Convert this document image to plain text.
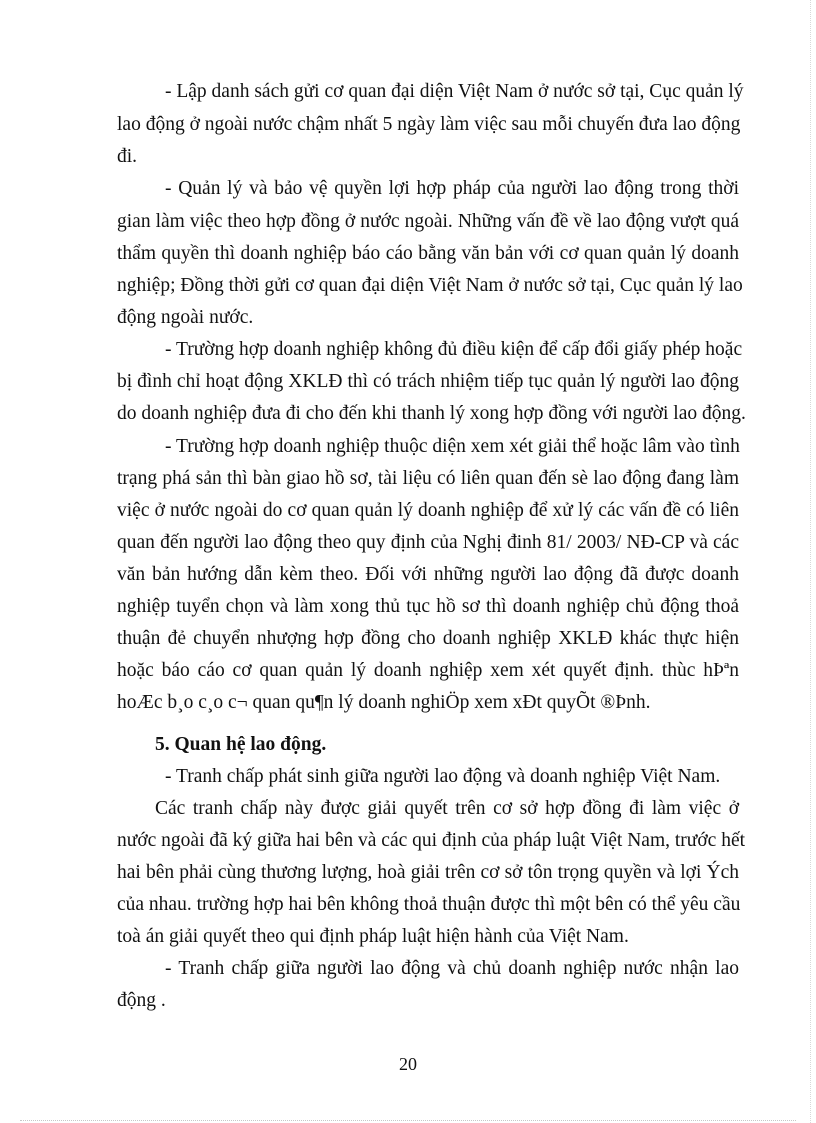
- Lập danh sách gửi cơ quan đại diện Việt Nam ở nước sở tại, Cục quản lý
lao động ở ngoài nước chậm nhất 5 ngày làm việc sau mỗi chuyến đưa lao động
đi.
- Quản lý và bảo vệ quyền lợi hợp pháp của người lao động trong thời
gian làm việc theo hợp đồng ở nước ngoài. Những vấn đề về lao động vượt quá
thẩm quyền thì doanh nghiệp báo cáo bằng văn bản với cơ quan quản lý doanh
nghiệp; Đồng thời gửi cơ quan đại diện Việt Nam ở nước sở tại, Cục quản lý lao
động ngoài nước.
- Trường hợp doanh nghiệp không đủ điều kiện để cấp đổi giấy phép hoặc
bị đình chỉ hoạt động XKLĐ thì có trách nhiệm tiếp tục quản lý người lao động
do doanh nghiệp đưa đi cho đến khi thanh lý xong hợp đồng với người lao động.
- Trường hợp doanh nghiệp thuộc diện xem xét giải thể hoặc lâm vào tình
trạng phá sản thì bàn giao hồ sơ, tài liệu có liên quan đến sè lao động đang làm
việc ở nước ngoài do cơ quan quản lý doanh nghiệp để xử lý các vấn đề có liên
quan đến người lao động theo quy định của Nghị đinh 81/ 2003/ NĐ-CP và các
văn bản hướng dẫn kèm theo. Đối với những người lao động đã được doanh
nghiệp tuyển chọn và làm xong thủ tục hồ sơ thì doanh nghiệp chủ động thoả
thuận đẻ chuyển nhượng hợp đồng cho doanh nghiệp XKLĐ khác thực hiện
hoặc báo cáo cơ quan quản lý doanh nghiệp xem xét quyết định. thùc hÞªn
hoÆc b¸o c¸o c¬ quan qu¶n lý doanh nghiÖp xem xÐt quyÕt ®Þnh.
5. Quan hệ lao động.
- Tranh chấp phát sinh giữa người lao động và doanh nghiệp Việt Nam.
Các tranh chấp này được giải quyết trên cơ sở hợp đồng đi làm việc ở
nước ngoài đã ký giữa hai bên và các qui định của pháp luật Việt Nam, trước hết
hai bên phải cùng thương lượng, hoà giải trên cơ sở tôn trọng quyền và lợi Ých
của nhau. trường hợp hai bên không thoả thuận được thì một bên có thể yêu cầu
toà án giải quyết theo qui định pháp luật hiện hành của Việt Nam.
- Tranh chấp giữa người lao động và chủ doanh nghiệp nước nhận lao
động .
20
